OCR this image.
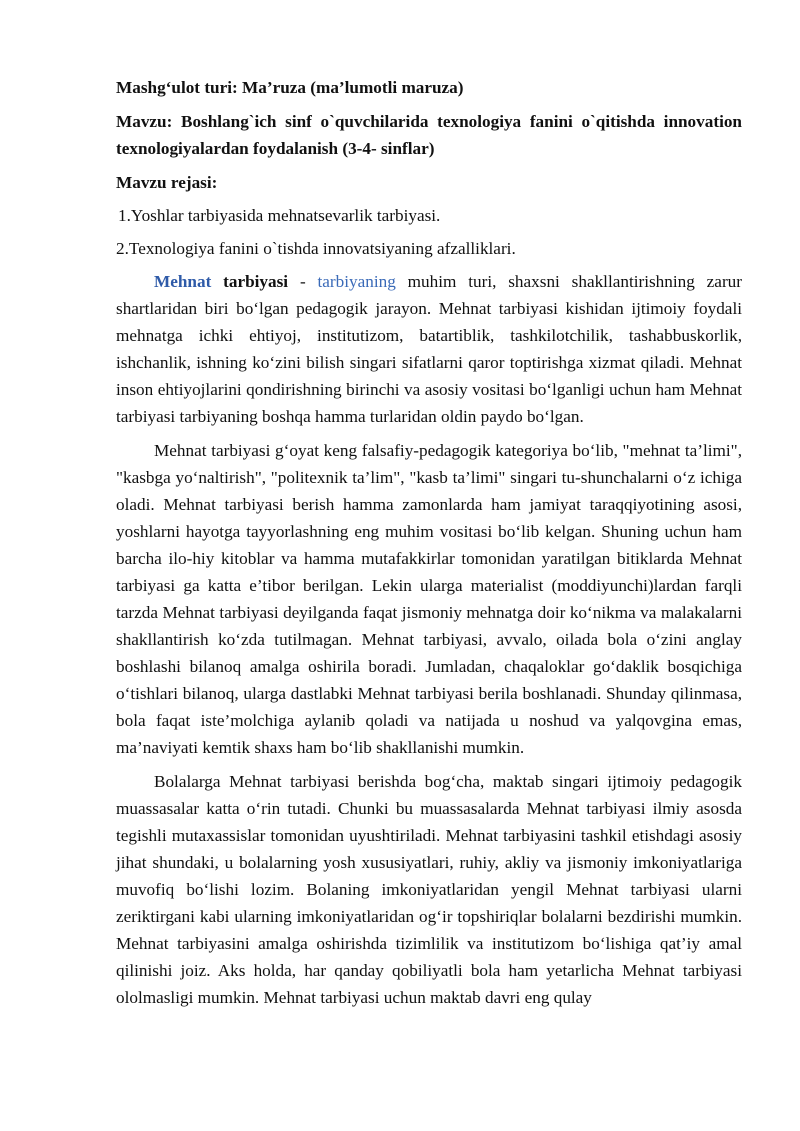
Mashg‘ulot turi: Ma’ruza (ma’lumotli maruza)

Mavzu: Boshlang`ich sinf o`quvchilarida texnologiya fanini o`qitishda innovation texnologiyalardan foydalanish (3-4- sinflar)

Mavzu rejasi:

1.Yoshlar tarbiyasida mehnatsevarlik tarbiyasi.

2.Texnologiya fanini o`tishda innovatsiyaning afzalliklari.

Mehnat tarbiyasi - tarbiyaning muhim turi, shaxsni shakllantirishning zarur shartlaridan biri bo‘lgan pedagogik jarayon. Mehnat tarbiyasi kishidan ijtimoiy foydali mehnatga ichki ehtiyoj, institutizom, batartiblik, tashkilotchilik, tashabbuskorlik, ishchanlik, ishning ko‘zini bilish singari sifatlarni qaror toptirishga xizmat qiladi. Mehnat inson ehtiyojlarini qondirishning birinchi va asosiy vositasi bo‘lganligi uchun ham Mehnat tarbiyasi tarbiyaning boshqa hamma turlaridan oldin paydo bo‘lgan.

Mehnat tarbiyasi g‘oyat keng falsafiy-pedagogik kategoriya bo‘lib, "mehnat ta’limi", "kasbga yo‘naltirish", "politexnik ta’lim", "kasb ta’limi" singari tu-shunchalarni o‘z ichiga oladi. Mehnat tarbiyasi berish hamma zamonlarda ham jamiyat taraqqiyotining asosi, yoshlarni hayotga tayyorlashning eng muhim vositasi bo‘lib kelgan. Shuning uchun ham barcha ilo-hiy kitoblar va hamma mutafakkirlar tomonidan yaratilgan bitiklarda Mehnat tarbiyasi ga katta e’tibor berilgan. Lekin ularga materialist (moddiyunchi)lardan farqli tarzda Mehnat tarbiyasi deyilganda faqat jismoniy mehnatga doir ko‘nikma va malakalarni shakllantirish ko‘zda tutilmagan. Mehnat tarbiyasi, avvalo, oilada bola o‘zini anglay boshlashi bilanoq amalga oshirila boradi. Jumladan, chaqaloklar go‘daklik bosqichiga o‘tishlari bilanoq, ularga dastlabki Mehnat tarbiyasi berila boshlanadi. Shunday qilinmasa, bola faqat iste’molchiga aylanib qoladi va natijada u noshud va yalqovgina emas, ma’naviyati kemtik shaxs ham bo‘lib shakllanishi mumkin.

Bolalarga Mehnat tarbiyasi berishda bog‘cha, maktab singari ijtimoiy pedagogik muassasalar katta o‘rin tutadi. Chunki bu muassasalarda Mehnat tarbiyasi ilmiy asosda tegishli mutaxassislar tomonidan uyushtiriladi. Mehnat tarbiyasini tashkil etishdagi asosiy jihat shundaki, u bolalarning yosh xususiyatlari, ruhiy, akliy va jismoniy imkoniyatlariga muvofiq bo‘lishi lozim. Bolaning imkoniyatlaridan yengil Mehnat tarbiyasi ularni zeriktirgani kabi ularning imkoniyatlaridan og‘ir topshiriqlar bolalarni bezdirishi mumkin. Mehnat tarbiyasini amalga oshirishda tizimlilik va institutizom bo‘lishiga qat’iy amal qilinishi joiz. Aks holda, har qanday qobiliyatli bola ham yetarlicha Mehnat tarbiyasi ololmasligi mumkin. Mehnat tarbiyasi uchun maktab davri eng qulay
